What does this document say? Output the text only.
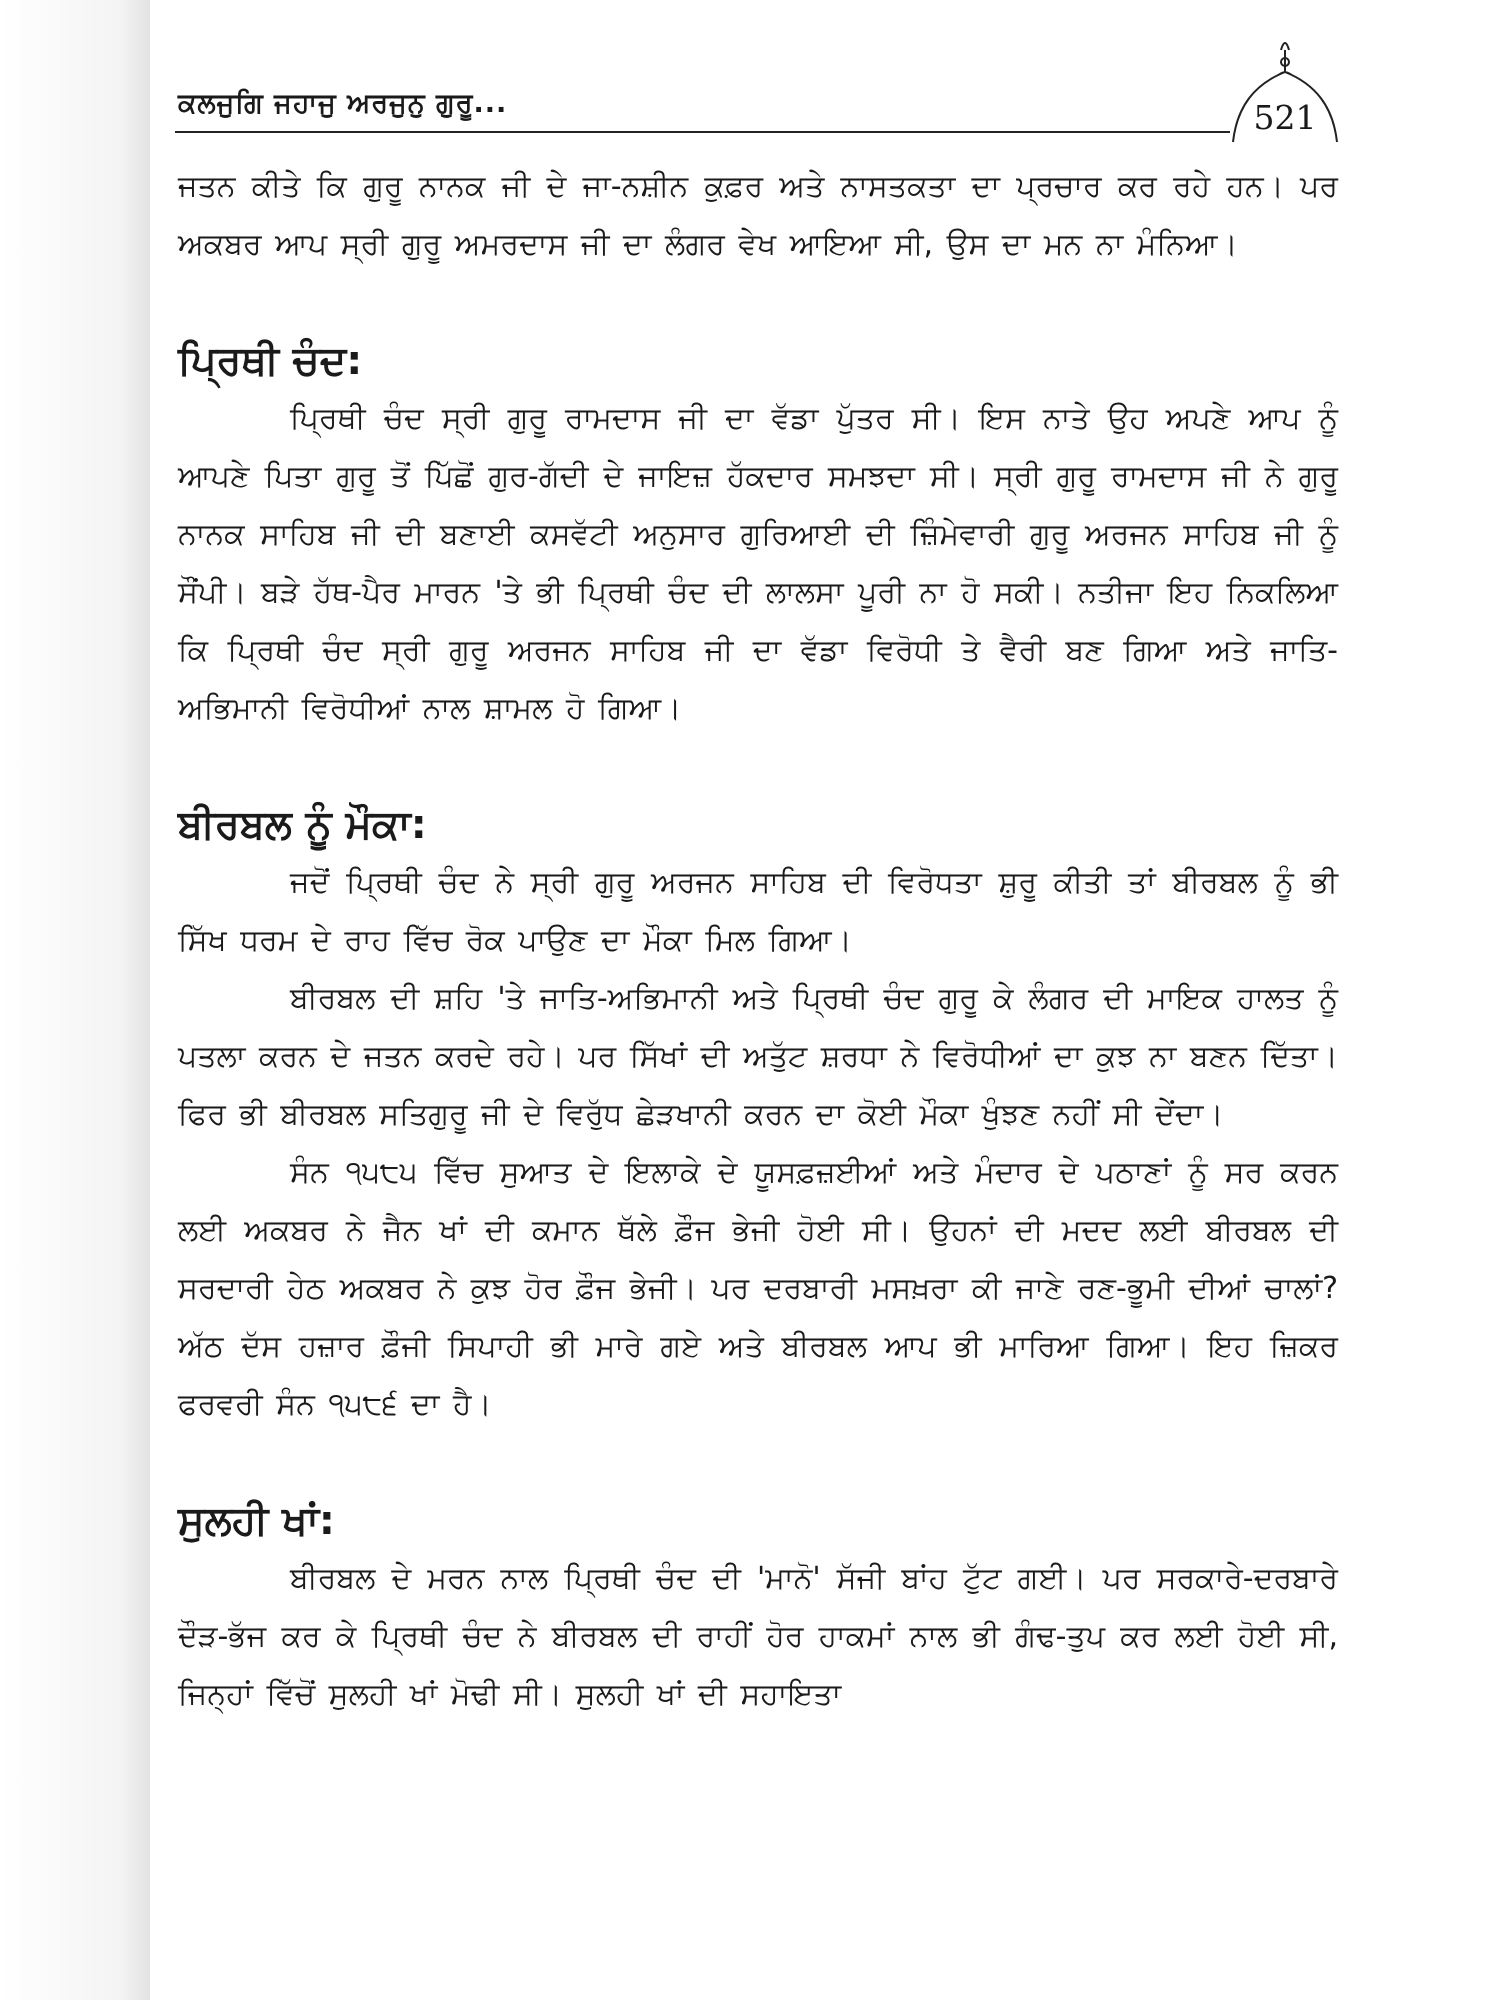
ਕਲਜੁਗਿ ਜਹਾਜੁ ਅਰਜੁਨੁ ਗੁਰੂ...	521

ਜਤਨ ਕੀਤੇ ਕਿ ਗੁਰੂ ਨਾਨਕ ਜੀ ਦੇ ਜਾ-ਨਸ਼ੀਨ ਕੁਫ਼ਰ ਅਤੇ ਨਾਸਤਕਤਾ ਦਾ ਪ੍ਰਚਾਰ ਕਰ ਰਹੇ ਹਨ। ਪਰ ਅਕਬਰ ਆਪ ਸ੍ਰੀ ਗੁਰੂ ਅਮਰਦਾਸ ਜੀ ਦਾ ਲੰਗਰ ਵੇਖ ਆਇਆ ਸੀ, ਉਸ ਦਾ ਮਨ ਨਾ ਮੰਨਿਆ।

ਪ੍ਰਿਥੀ ਚੰਦ:

ਪ੍ਰਿਥੀ ਚੰਦ ਸ੍ਰੀ ਗੁਰੂ ਰਾਮਦਾਸ ਜੀ ਦਾ ਵੱਡਾ ਪੁੱਤਰ ਸੀ। ਇਸ ਨਾਤੇ ਉਹ ਅਪਣੇ ਆਪ ਨੂੰ ਆਪਣੇ ਪਿਤਾ ਗੁਰੂ ਤੋਂ ਪਿੱਛੋਂ ਗੁਰ-ਗੱਦੀ ਦੇ ਜਾਇਜ਼ ਹੱਕਦਾਰ ਸਮਝਦਾ ਸੀ। ਸ੍ਰੀ ਗੁਰੂ ਰਾਮਦਾਸ ਜੀ ਨੇ ਗੁਰੂ ਨਾਨਕ ਸਾਹਿਬ ਜੀ ਦੀ ਬਣਾਈ ਕਸਵੱਟੀ ਅਨੁਸਾਰ ਗੁਰਿਆਈ ਦੀ ਜ਼ਿੰਮੇਵਾਰੀ ਗੁਰੂ ਅਰਜਨ ਸਾਹਿਬ ਜੀ ਨੂੰ ਸੌਂਪੀ। ਬੜੇ ਹੱਥ-ਪੈਰ ਮਾਰਨ 'ਤੇ ਭੀ ਪ੍ਰਿਥੀ ਚੰਦ ਦੀ ਲਾਲਸਾ ਪੂਰੀ ਨਾ ਹੋ ਸਕੀ। ਨਤੀਜਾ ਇਹ ਨਿਕਲਿਆ ਕਿ ਪ੍ਰਿਥੀ ਚੰਦ ਸ੍ਰੀ ਗੁਰੂ ਅਰਜਨ ਸਾਹਿਬ ਜੀ ਦਾ ਵੱਡਾ ਵਿਰੋਧੀ ਤੇ ਵੈਰੀ ਬਣ ਗਿਆ ਅਤੇ ਜਾਤਿ-ਅਭਿਮਾਨੀ ਵਿਰੋਧੀਆਂ ਨਾਲ ਸ਼ਾਮਲ ਹੋ ਗਿਆ।

ਬੀਰਬਲ ਨੂੰ ਮੌਕਾ:

ਜਦੋਂ ਪ੍ਰਿਥੀ ਚੰਦ ਨੇ ਸ੍ਰੀ ਗੁਰੂ ਅਰਜਨ ਸਾਹਿਬ ਦੀ ਵਿਰੋਧਤਾ ਸ਼ੁਰੂ ਕੀਤੀ ਤਾਂ ਬੀਰਬਲ ਨੂੰ ਭੀ ਸਿੱਖ ਧਰਮ ਦੇ ਰਾਹ ਵਿੱਚ ਰੋਕ ਪਾਉਣ ਦਾ ਮੌਕਾ ਮਿਲ ਗਿਆ।

ਬੀਰਬਲ ਦੀ ਸ਼ਹਿ 'ਤੇ ਜਾਤਿ-ਅਭਿਮਾਨੀ ਅਤੇ ਪ੍ਰਿਥੀ ਚੰਦ ਗੁਰੂ ਕੇ ਲੰਗਰ ਦੀ ਮਾਇਕ ਹਾਲਤ ਨੂੰ ਪਤਲਾ ਕਰਨ ਦੇ ਜਤਨ ਕਰਦੇ ਰਹੇ। ਪਰ ਸਿੱਖਾਂ ਦੀ ਅਤੁੱਟ ਸ਼ਰਧਾ ਨੇ ਵਿਰੋਧੀਆਂ ਦਾ ਕੁਝ ਨਾ ਬਣਨ ਦਿੱਤਾ। ਫਿਰ ਭੀ ਬੀਰਬਲ ਸਤਿਗੁਰੂ ਜੀ ਦੇ ਵਿਰੁੱਧ ਛੇੜਖਾਨੀ ਕਰਨ ਦਾ ਕੋਈ ਮੌਕਾ ਖੁੰਝਣ ਨਹੀਂ ਸੀ ਦੇਂਦਾ।

ਸੰਨ ੧੫੮੫ ਵਿੱਚ ਸੁਆਤ ਦੇ ਇਲਾਕੇ ਦੇ ਯੂਸਫ਼ਜ਼ਈਆਂ ਅਤੇ ਮੰਦਾਰ ਦੇ ਪਠਾਣਾਂ ਨੂੰ ਸਰ ਕਰਨ ਲਈ ਅਕਬਰ ਨੇ ਜੈਨ ਖਾਂ ਦੀ ਕਮਾਨ ਥੱਲੇ ਫ਼ੌਜ ਭੇਜੀ ਹੋਈ ਸੀ। ਉਹਨਾਂ ਦੀ ਮਦਦ ਲਈ ਬੀਰਬਲ ਦੀ ਸਰਦਾਰੀ ਹੇਠ ਅਕਬਰ ਨੇ ਕੁਝ ਹੋਰ ਫ਼ੌਜ ਭੇਜੀ। ਪਰ ਦਰਬਾਰੀ ਮਸਖ਼ਰਾ ਕੀ ਜਾਣੇ ਰਣ-ਭੂਮੀ ਦੀਆਂ ਚਾਲਾਂ? ਅੱਠ ਦੱਸ ਹਜ਼ਾਰ ਫ਼ੌਜੀ ਸਿਪਾਹੀ ਭੀ ਮਾਰੇ ਗਏ ਅਤੇ ਬੀਰਬਲ ਆਪ ਭੀ ਮਾਰਿਆ ਗਿਆ। ਇਹ ਜ਼ਿਕਰ ਫਰਵਰੀ ਸੰਨ ੧੫੮੬ ਦਾ ਹੈ।

ਸੁਲਹੀ ਖਾਂ:

ਬੀਰਬਲ ਦੇ ਮਰਨ ਨਾਲ ਪ੍ਰਿਥੀ ਚੰਦ ਦੀ 'ਮਾਨੋ' ਸੱਜੀ ਬਾਂਹ ਟੁੱਟ ਗਈ। ਪਰ ਸਰਕਾਰੇ-ਦਰਬਾਰੇ ਦੌੜ-ਭੱਜ ਕਰ ਕੇ ਪ੍ਰਿਥੀ ਚੰਦ ਨੇ ਬੀਰਬਲ ਦੀ ਰਾਹੀਂ ਹੋਰ ਹਾਕਮਾਂ ਨਾਲ ਭੀ ਗੰਢ-ਤੁਪ ਕਰ ਲਈ ਹੋਈ ਸੀ, ਜਿਨ੍ਹਾਂ ਵਿੱਚੋਂ ਸੁਲਹੀ ਖਾਂ ਮੋਢੀ ਸੀ। ਸੁਲਹੀ ਖਾਂ ਦੀ ਸਹਾਇਤਾ
